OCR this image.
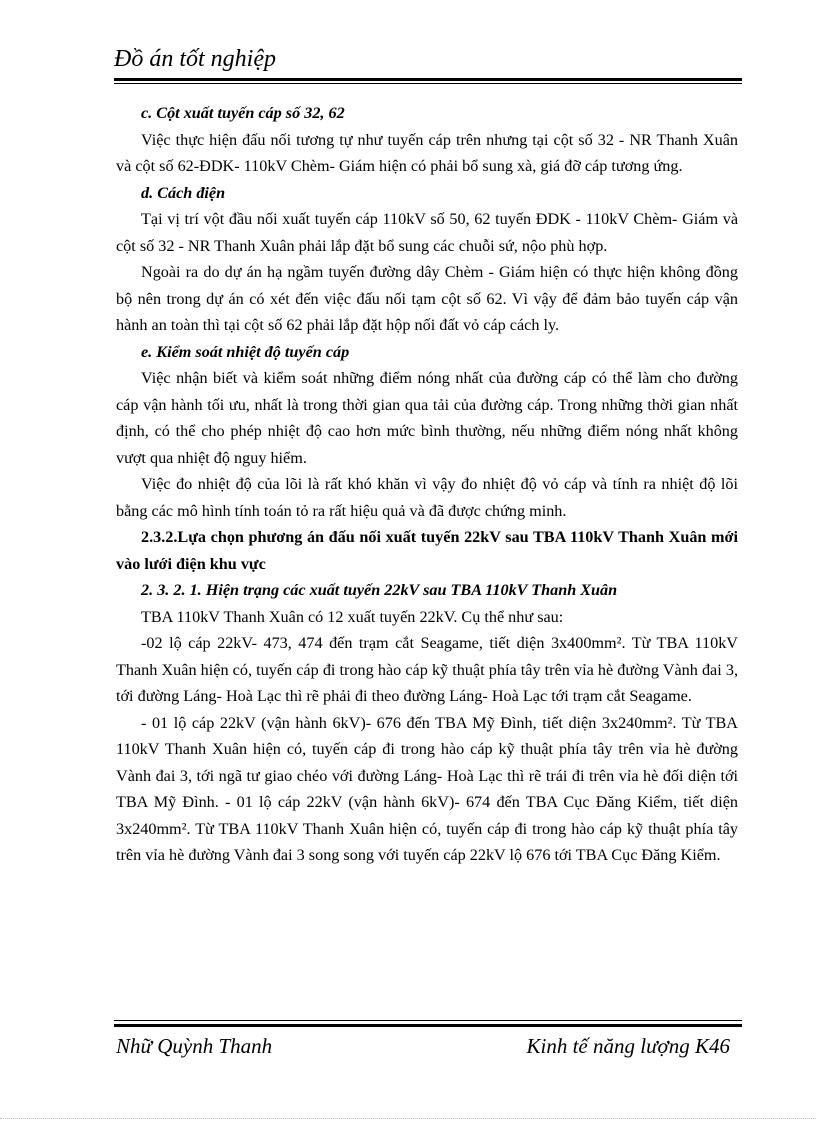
Đồ án tốt nghiệp

c. Cột xuất tuyến cáp số 32, 62

Việc thực hiện đấu nối tương tự như tuyến cáp trên nhưng tại cột số 32 - NR Thanh Xuân và cột số 62-ĐDK- 110kV Chèm- Giám hiện có phải bổ sung xà, giá đỡ cáp tương ứng.

d. Cách điện

Tại vị trí vột đầu nối xuất tuyến cáp 110kV số 50, 62 tuyến ĐDK - 110kV Chèm- Giám và cột số 32 - NR Thanh Xuân phải lắp đặt bổ sung các chuỗi sứ, nộo phù hợp.

Ngoài ra do dự án hạ ngầm tuyến đường dây Chèm - Giám hiện có thực hiện không đồng bộ nên trong dự án có xét đến việc đấu nối tạm cột số 62. Vì vậy để đảm bảo tuyến cáp vận hành an toàn thì tại cột số 62 phải lắp đặt hộp nối đất vỏ cáp cách ly.

e. Kiểm soát nhiệt độ tuyến cáp

Việc nhận biết và kiểm soát những điểm nóng nhất của đường cáp có thể làm cho đường cáp vận hành tối ưu, nhất là trong thời gian qua tải của đường cáp. Trong những thời gian nhất định, có thể cho phép nhiệt độ cao hơn mức bình thường, nếu những điểm nóng nhất không vượt qua nhiệt độ nguy hiểm.

Việc đo nhiệt độ của lõi là rất khó khăn vì vậy đo nhiệt độ vỏ cáp và tính ra nhiệt độ lõi bằng các mô hình tính toán tỏ ra rất hiệu quả và đã được chứng minh.

2.3.2.Lựa chọn phương án đấu nối xuất tuyến 22kV sau TBA 110kV Thanh Xuân mới vào lưới điện khu vực

2. 3. 2. 1. Hiện trạng các xuất tuyến 22kV sau TBA 110kV Thanh Xuân

TBA 110kV Thanh Xuân có 12 xuất tuyến 22kV. Cụ thể như sau:

-02 lộ cáp 22kV- 473, 474 đến trạm cắt Seagame, tiết diện 3x400mm². Từ TBA 110kV Thanh Xuân hiện có, tuyến cáp đi trong hào cáp kỹ thuật phía tây trên vỉa hè đường Vành đai 3, tới đường Láng- Hoà Lạc thì rẽ phải đi theo đường Láng- Hoà Lạc tới trạm cắt Seagame.

- 01 lộ cáp 22kV (vận hành 6kV)- 676 đến TBA Mỹ Đình, tiết diện 3x240mm². Từ TBA 110kV Thanh Xuân hiện có, tuyến cáp đi trong hào cáp kỹ thuật phía tây trên vỉa hè đường Vành đai 3, tới ngã tư giao chéo với đường Láng- Hoà Lạc thì rẽ trái đi trên vỉa hè đối diện tới TBA Mỹ Đình. - 01 lộ cáp 22kV (vận hành 6kV)- 674 đến TBA Cục Đăng Kiểm, tiết diện 3x240mm². Từ TBA 110kV Thanh Xuân hiện có, tuyến cáp đi trong hào cáp kỹ thuật phía tây trên vỉa hè đường Vành đai 3 song song với tuyến cáp 22kV lộ 676 tới TBA Cục Đăng Kiểm.

Nhữ Quỳnh Thanh	Kinh tế năng lượng K46
